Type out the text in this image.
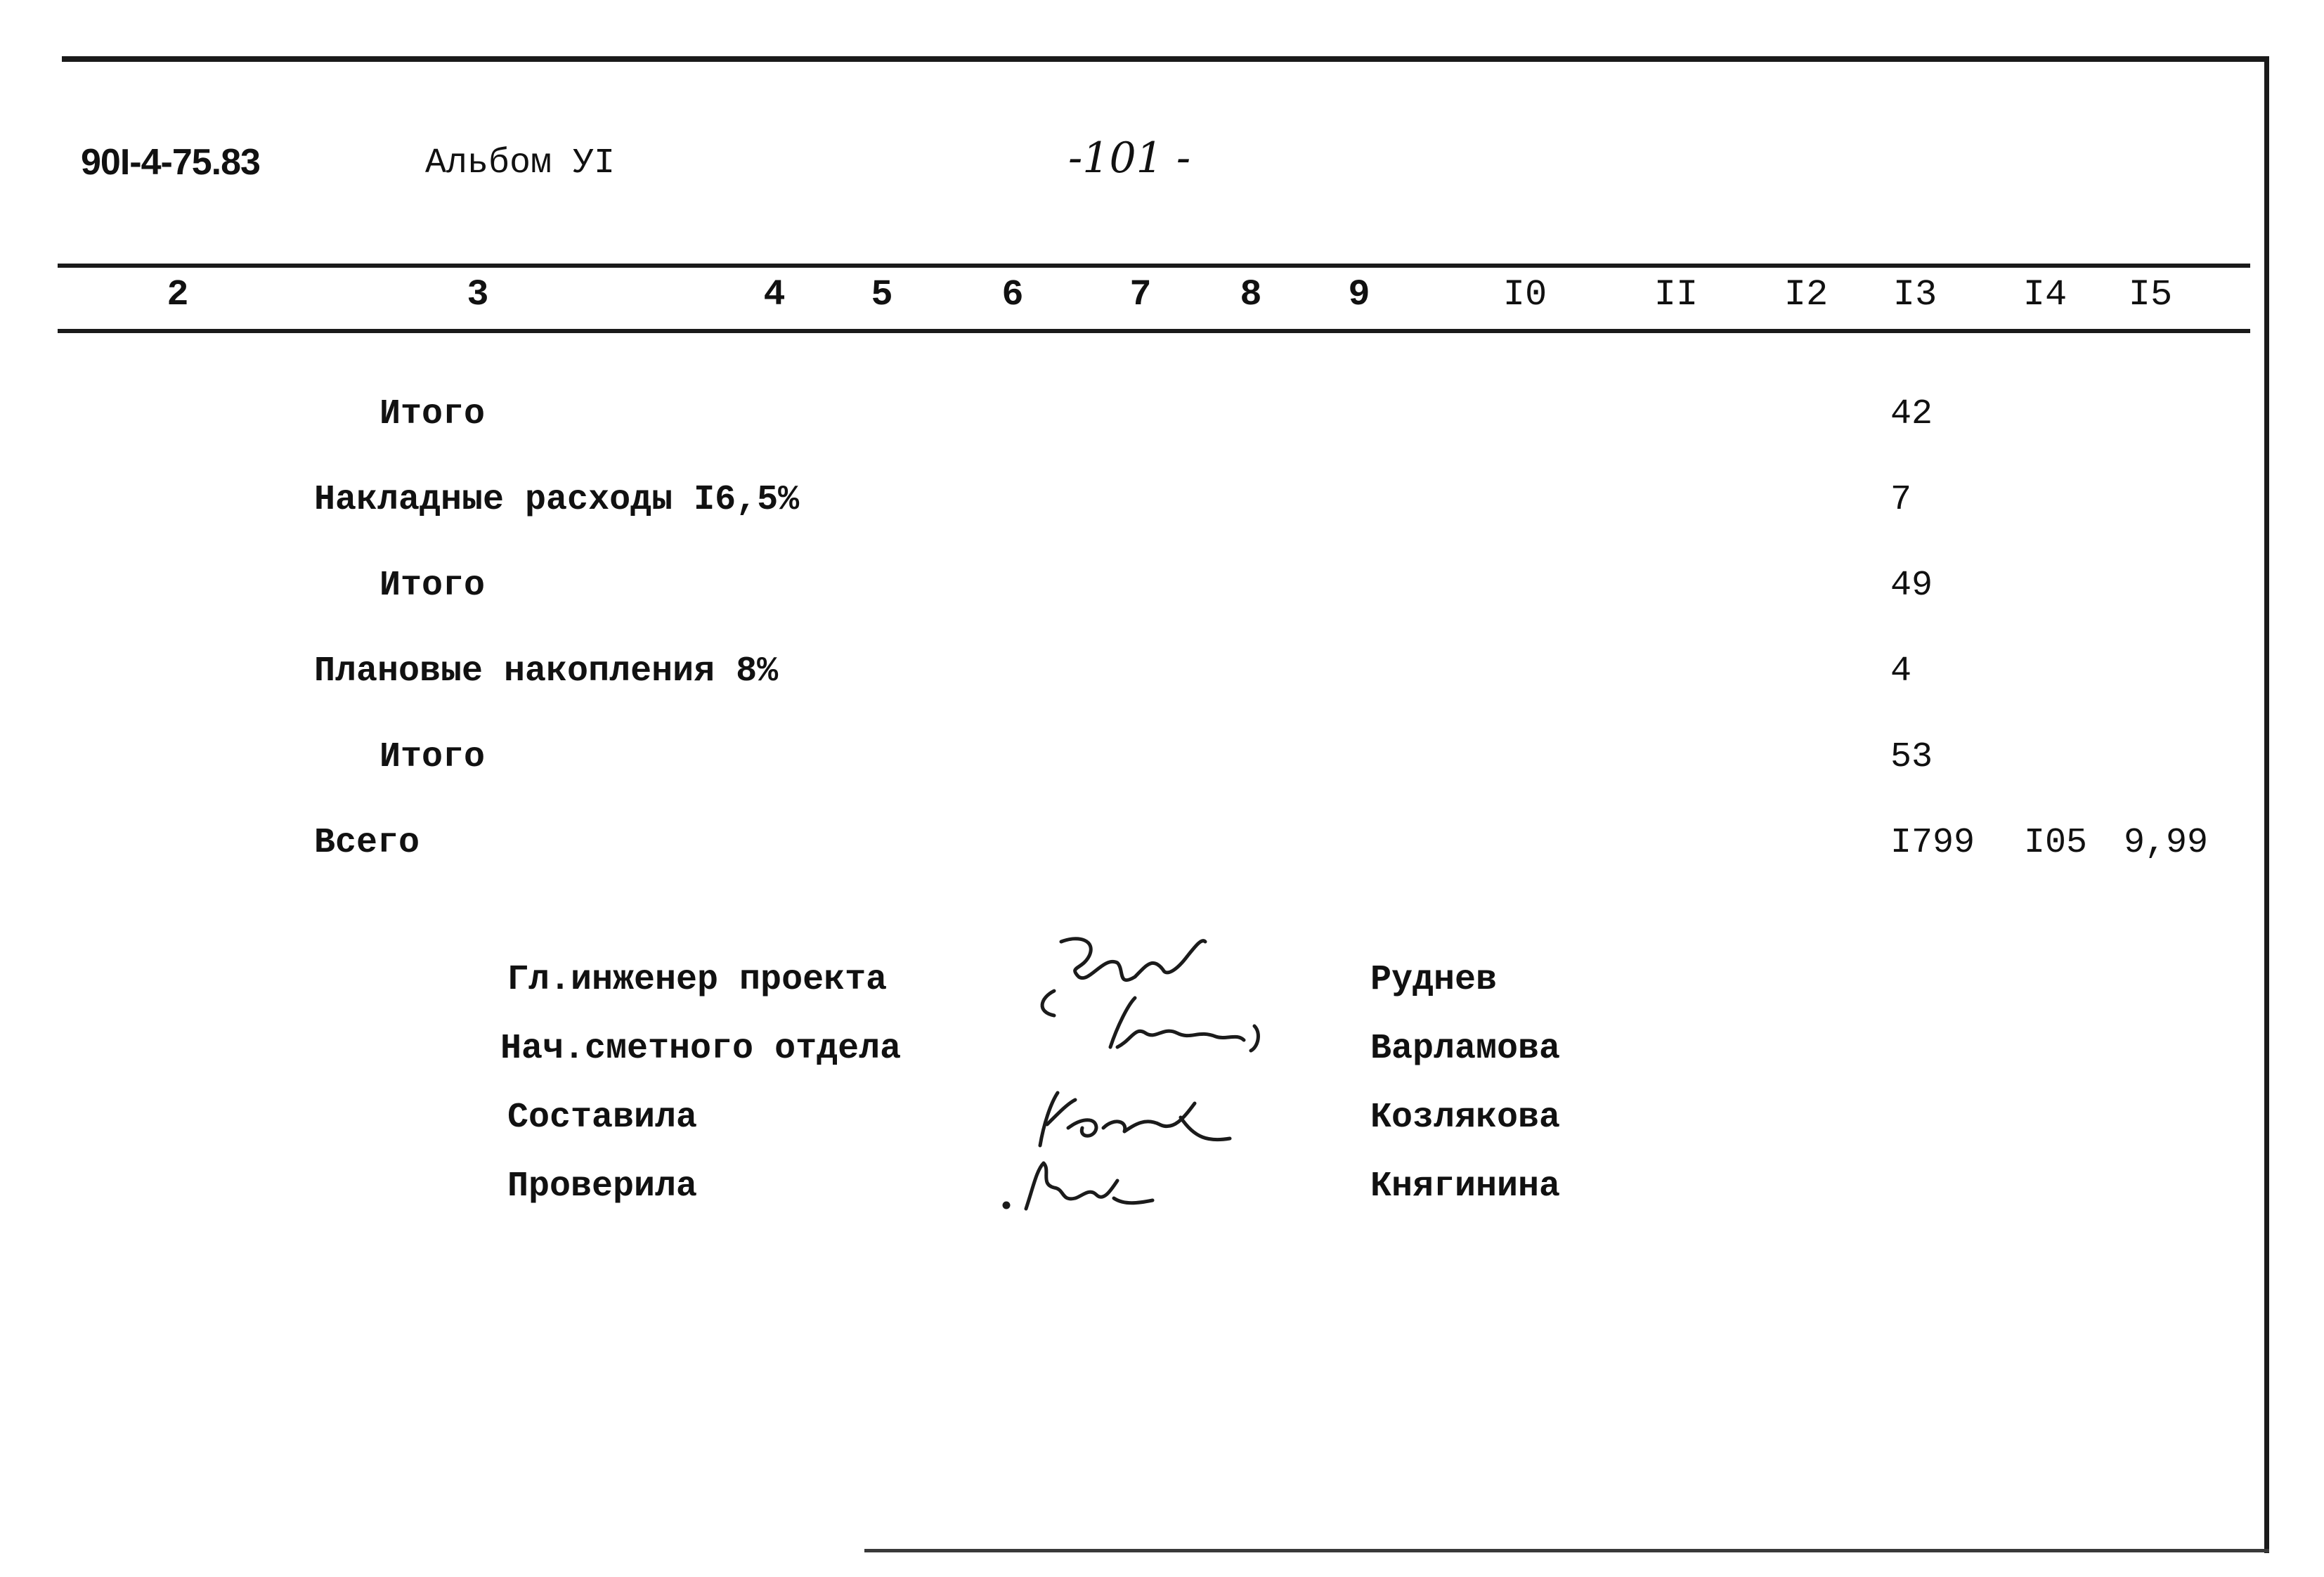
90I-4-75.83	Альбом УI	-101 -
2	3	4 5	6	7 8 9	I0	II I2 I3 I4 I5
Итого	42
Накладные расходы I6,5%	7
Итого	49
Плановые накопления 8%	4
Итого	53
Всего	I799 I05 9,99
Гл.инженер проекта	Руднев
Нач.сметного отдела	Варламова
Составила	Козлякова
Проверила	Княгинина
